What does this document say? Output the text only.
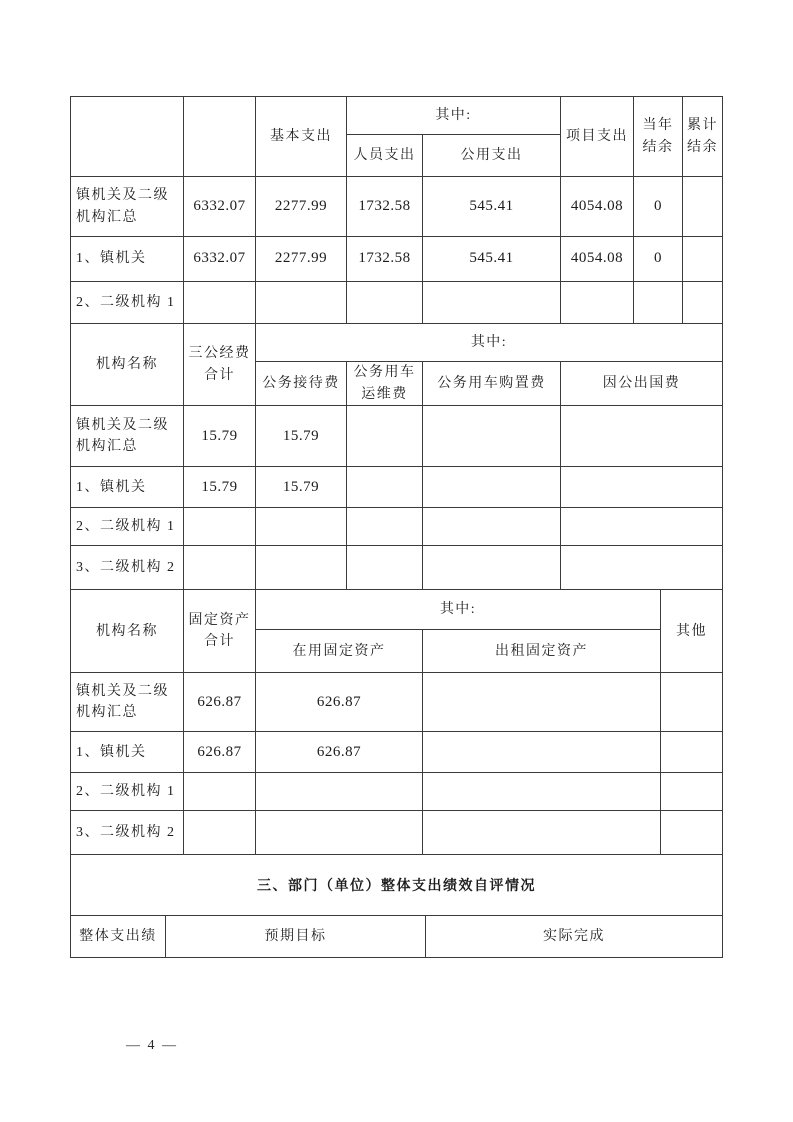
		基本支出	其中:		项目支出	当年结余	累计结余
			人员支出	公用支出			
镇机关及二级机构汇总	6332.07	2277.99	1732.58	545.41	4054.08	0	
1、镇机关	6332.07	2277.99	1732.58	545.41	4054.08	0	
2、二级机构 1							
机构名称	三公经费合计	其中:			
		公务接待费	公务用车运维费	公务用车购置费	因公出国费
镇机关及二级机构汇总	15.79	15.79			
1、镇机关	15.79	15.79			
2、二级机构 1					
3、二级机构 2					
机构名称	固定资产合计	其中:		其他
		在用固定资产	出租固定资产	
镇机关及二级机构汇总	626.87	626.87		
1、镇机关	626.87	626.87		
2、二级机构 1				
3、二级机构 2				
三、部门（单位）整体支出绩效自评情况
整体支出绩	预期目标	实际完成
— 4 —
